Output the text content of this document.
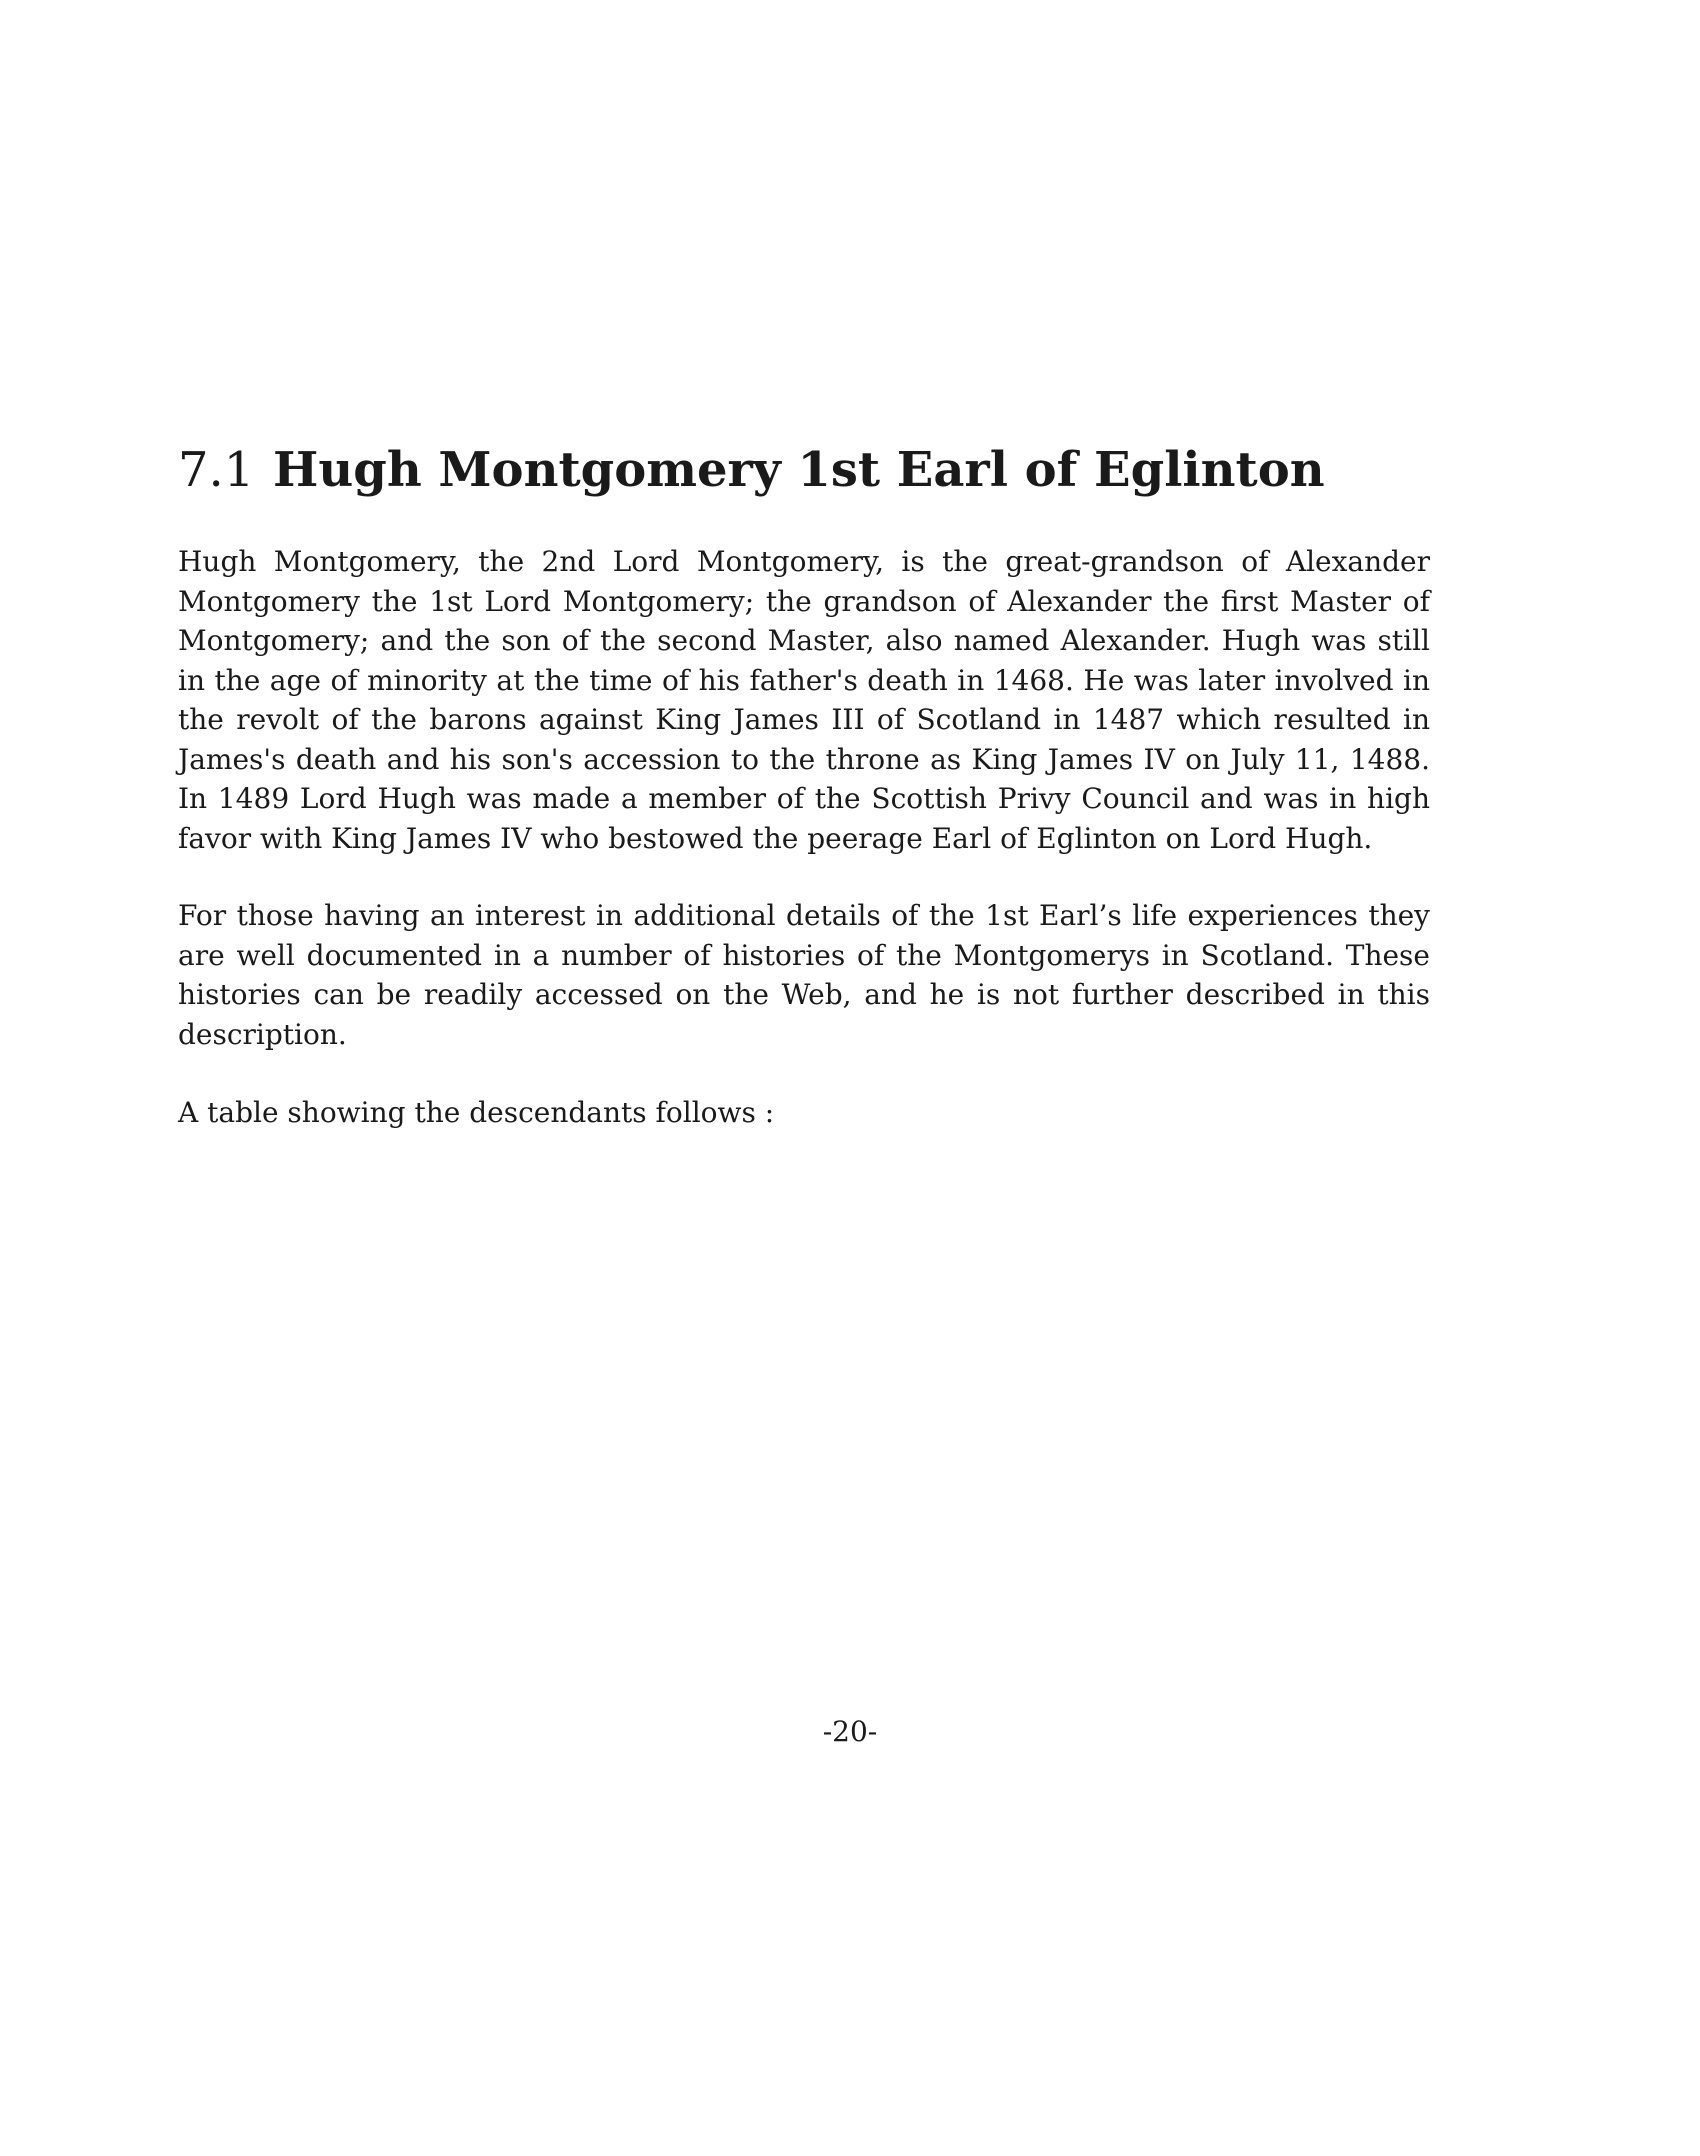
7.1 Hugh Montgomery 1st Earl of Eglinton

Hugh Montgomery, the 2nd Lord Montgomery, is the great-grandson of Alexander Montgomery the 1st Lord Montgomery; the grandson of Alexander the first Master of Montgomery; and the son of the second Master, also named Alexander. Hugh was still in the age of minority at the time of his father's death in 1468. He was later involved in the revolt of the barons against King James III of Scotland in 1487 which resulted in James's death and his son's accession to the throne as King James IV on July 11, 1488. In 1489 Lord Hugh was made a member of the Scottish Privy Council and was in high favor with King James IV who bestowed the peerage Earl of Eglinton on Lord Hugh.

For those having an interest in additional details of the 1st Earl’s life experiences they are well documented in a number of histories of the Montgomerys in Scotland. These histories can be readily accessed on the Web, and he is not further described in this description.

A table showing the descendants follows :

-20-
